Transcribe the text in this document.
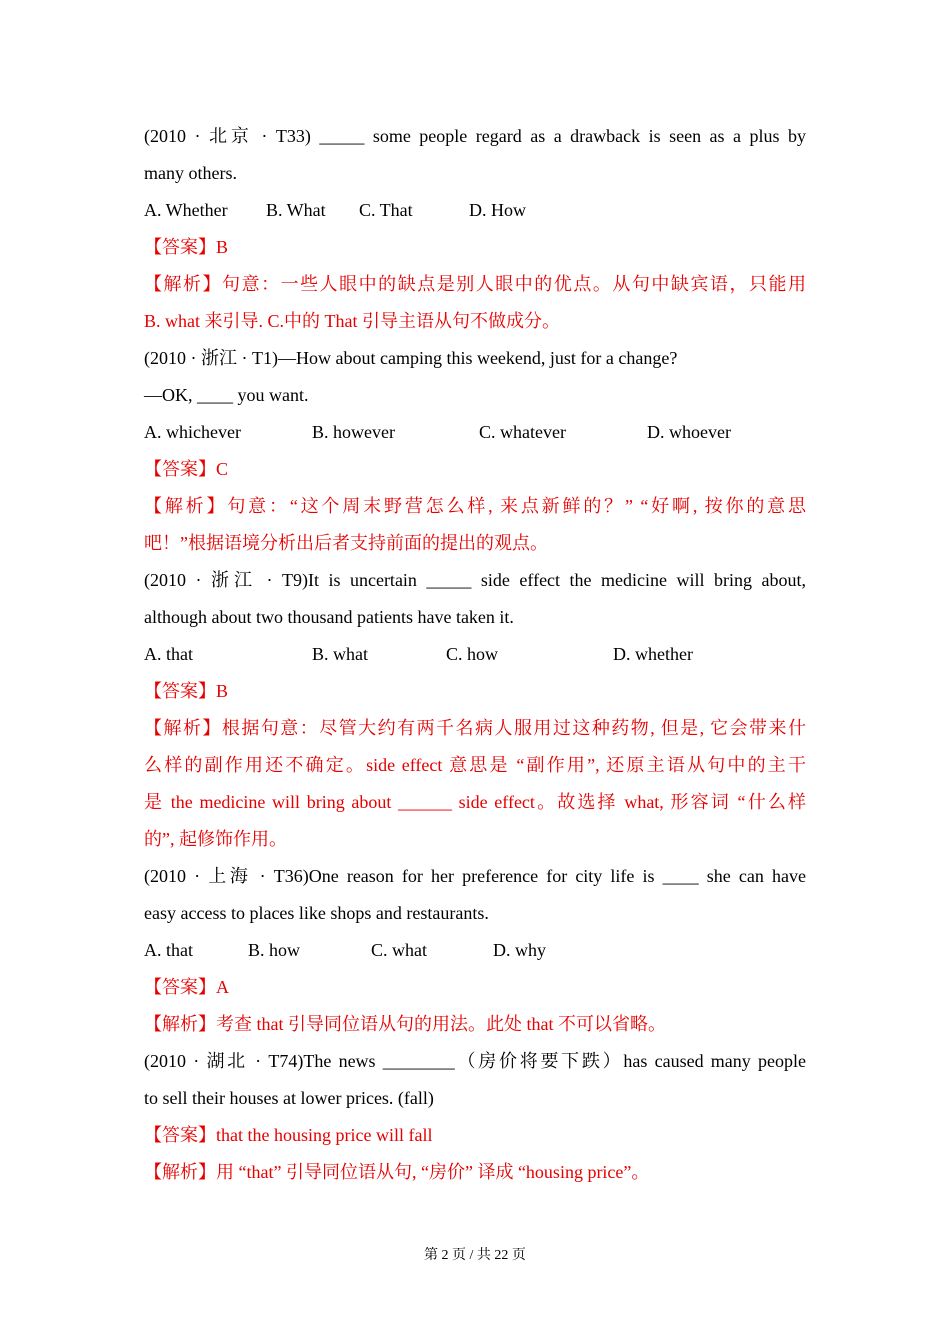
(2010 · 北京 · T33) _____ some people regard as a drawback is seen as a plus by
many others.
A. Whether	B. What	C. That	D. How
【答案】B
【解析】句意：一些人眼中的缺点是别人眼中的优点。从句中缺宾语，只能用
B. what 来引导. C.中的 That 引导主语从句不做成分。
(2010 · 浙江 · T1)—How about camping this weekend, just for a change?
—OK, ____ you want.
A. whichever	B. however	C. whatever	D. whoever
【答案】C
【解析】句意：“这个周末野营怎么样, 来点新鲜的？” “好啊, 按你的意思
吧！”根据语境分析出后者支持前面的提出的观点。
(2010 · 浙江 · T9)It is uncertain _____ side effect the medicine will bring about,
although about two thousand patients have taken it.
A. that	B. what	C. how	D. whether
【答案】B
【解析】根据句意：尽管大约有两千名病人服用过这种药物, 但是, 它会带来什
么样的副作用还不确定。side effect 意思是 “副作用”, 还原主语从句中的主干
是 the medicine will bring about ______ side effect。故选择 what, 形容词 “什么样
的”, 起修饰作用。
(2010 · 上海 · T36)One reason for her preference for city life is ____ she can have
easy access to places like shops and restaurants.
A. that	B. how	C. what	D. why
【答案】A
【解析】考查 that 引导同位语从句的用法。此处 that 不可以省略。
(2010 · 湖北 · T74)The news ________（房价将要下跌）has caused many people
to sell their houses at lower prices. (fall)
【答案】that the housing price will fall
【解析】用 “that” 引导同位语从句, “房价” 译成 “housing price”。
第 2 页 / 共 22 页
